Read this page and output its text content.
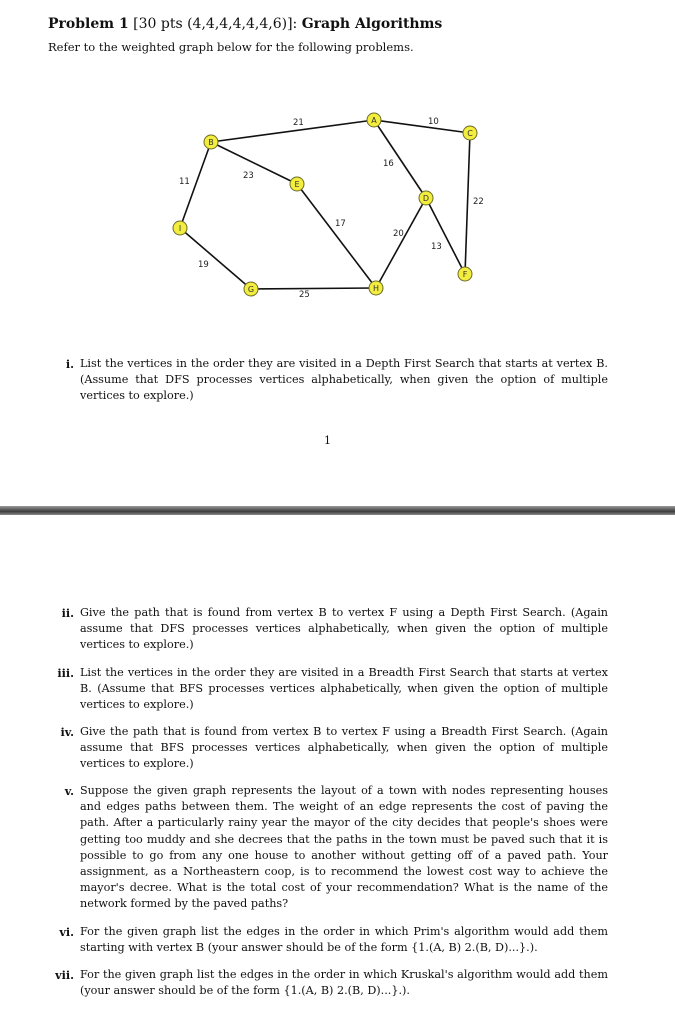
Problem 1 [30 pts (4,4,4,4,4,4,6)]: Graph Algorithms
Refer to the weighted graph below for the following problems.
21	10
16
22
13
11
23
17
20
19
25
A
B
C
D
E
F
G	H
I
i. List the vertices in the order they are visited in a Depth First Search that starts at vertex B. (Assume that DFS processes vertices alphabetically, when given the option of multiple vertices to explore.)
1
ii. Give the path that is found from vertex B to vertex F using a Depth First Search. (Again assume that DFS processes vertices alphabetically, when given the option of multiple vertices to explore.)
iii. List the vertices in the order they are visited in a Breadth First Search that starts at vertex B. (Assume that BFS processes vertices alphabetically, when given the option of multiple vertices to explore.)
iv. Give the path that is found from vertex B to vertex F using a Breadth First Search. (Again assume that BFS processes vertices alphabetically, when given the option of multiple vertices to explore.)
v. Suppose the given graph represents the layout of a town with nodes representing houses and edges paths between them. The weight of an edge represents the cost of paving the path. After a particularly rainy year the mayor of the city decides that people's shoes were getting too muddy and she decrees that the paths in the town must be paved such that it is possible to go from any one house to another without getting off of a paved path. Your assignment, as a Northeastern coop, is to recommend the lowest cost way to achieve the mayor's decree. What is the total cost of your recommendation? What is the name of the network formed by the paved paths?
vi. For the given graph list the edges in the order in which Prim's algorithm would add them starting with vertex B (your answer should be of the form {1.(A, B) 2.(B, D)...}.).
vii. For the given graph list the edges in the order in which Kruskal's algorithm would add them (your answer should be of the form {1.(A, B) 2.(B, D)...}.).
